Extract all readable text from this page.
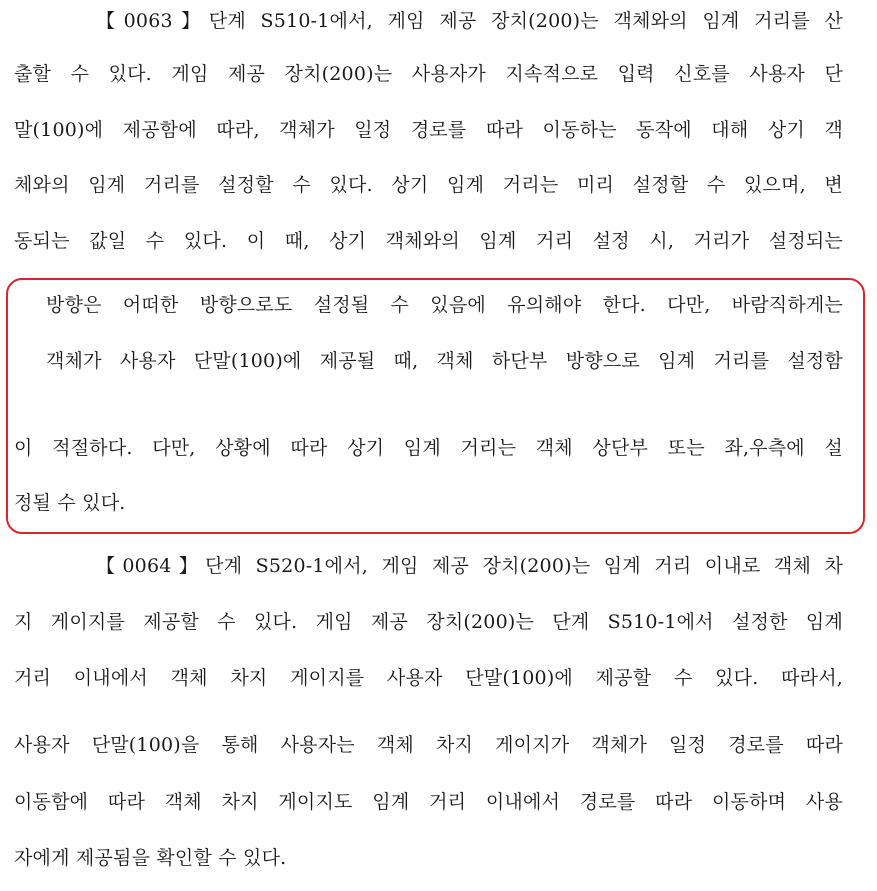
【0063】단계 S510-1에서, 게임 제공 장치(200)는 객체와의 임계 거리를 산
출할 수 있다. 게임 제공 장치(200)는 사용자가 지속적으로 입력 신호를 사용자 단
말(100)에 제공함에 따라, 객체가 일정 경로를 따라 이동하는 동작에 대해 상기 객
체와의 임계 거리를 설정할 수 있다. 상기 임계 거리는 미리 설정할 수 있으며, 변
동되는 값일 수 있다. 이 때, 상기 객체와의 임계 거리 설정 시, 거리가 설정되는
방향은 어떠한 방향으로도 설정될 수 있음에 유의해야 한다. 다만, 바람직하게는
객체가 사용자 단말(100)에 제공될 때, 객체 하단부 방향으로 임계 거리를 설정함
이 적절하다. 다만, 상황에 따라 상기 임계 거리는 객체 상단부 또는 좌,우측에 설
정될 수 있다.
【0064】단계 S520-1에서, 게임 제공 장치(200)는 임계 거리 이내로 객체 차
지 게이지를 제공할 수 있다. 게임 제공 장치(200)는 단계 S510-1에서 설정한 임계
거리 이내에서 객체 차지 게이지를 사용자 단말(100)에 제공할 수 있다. 따라서,
사용자 단말(100)을 통해 사용자는 객체 차지 게이지가 객체가 일정 경로를 따라
이동함에 따라 객체 차지 게이지도 임계 거리 이내에서 경로를 따라 이동하며 사용
자에게 제공됨을 확인할 수 있다.
